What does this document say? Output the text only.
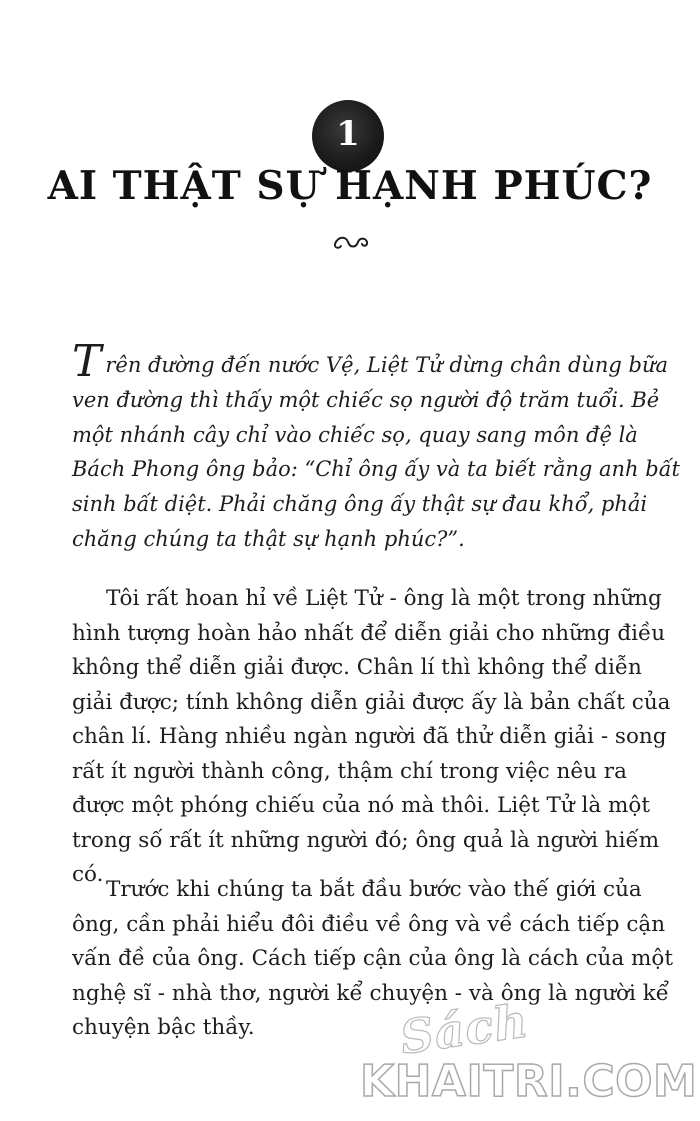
1
AI THẬT SỰ HẠNH PHÚC?

Trên đường đến nước Vệ, Liệt Tử dừng chân dùng bữa ven đường thì thấy một chiếc sọ người độ trăm tuổi. Bẻ một nhánh cây chỉ vào chiếc sọ, quay sang môn đệ là Bách Phong ông bảo: “Chỉ ông ấy và ta biết rằng anh bất sinh bất diệt. Phải chăng ông ấy thật sự đau khổ, phải chăng chúng ta thật sự hạnh phúc?”.

Tôi rất hoan hỉ về Liệt Tử - ông là một trong những hình tượng hoàn hảo nhất để diễn giải cho những điều không thể diễn giải được. Chân lí thì không thể diễn giải được; tính không diễn giải được ấy là bản chất của chân lí. Hàng nhiều ngàn người đã thử diễn giải - song rất ít người thành công, thậm chí trong việc nêu ra được một phóng chiếu của nó mà thôi. Liệt Tử là một trong số rất ít những người đó; ông quả là người hiếm có.

Trước khi chúng ta bắt đầu bước vào thế giới của ông, cần phải hiểu đôi điều về ông và về cách tiếp cận vấn đề của ông. Cách tiếp cận của ông là cách của một nghệ sĩ - nhà thơ, người kể chuyện - và ông là người kể chuyện bậc thầy.	Sách
KHAITRI.COM
